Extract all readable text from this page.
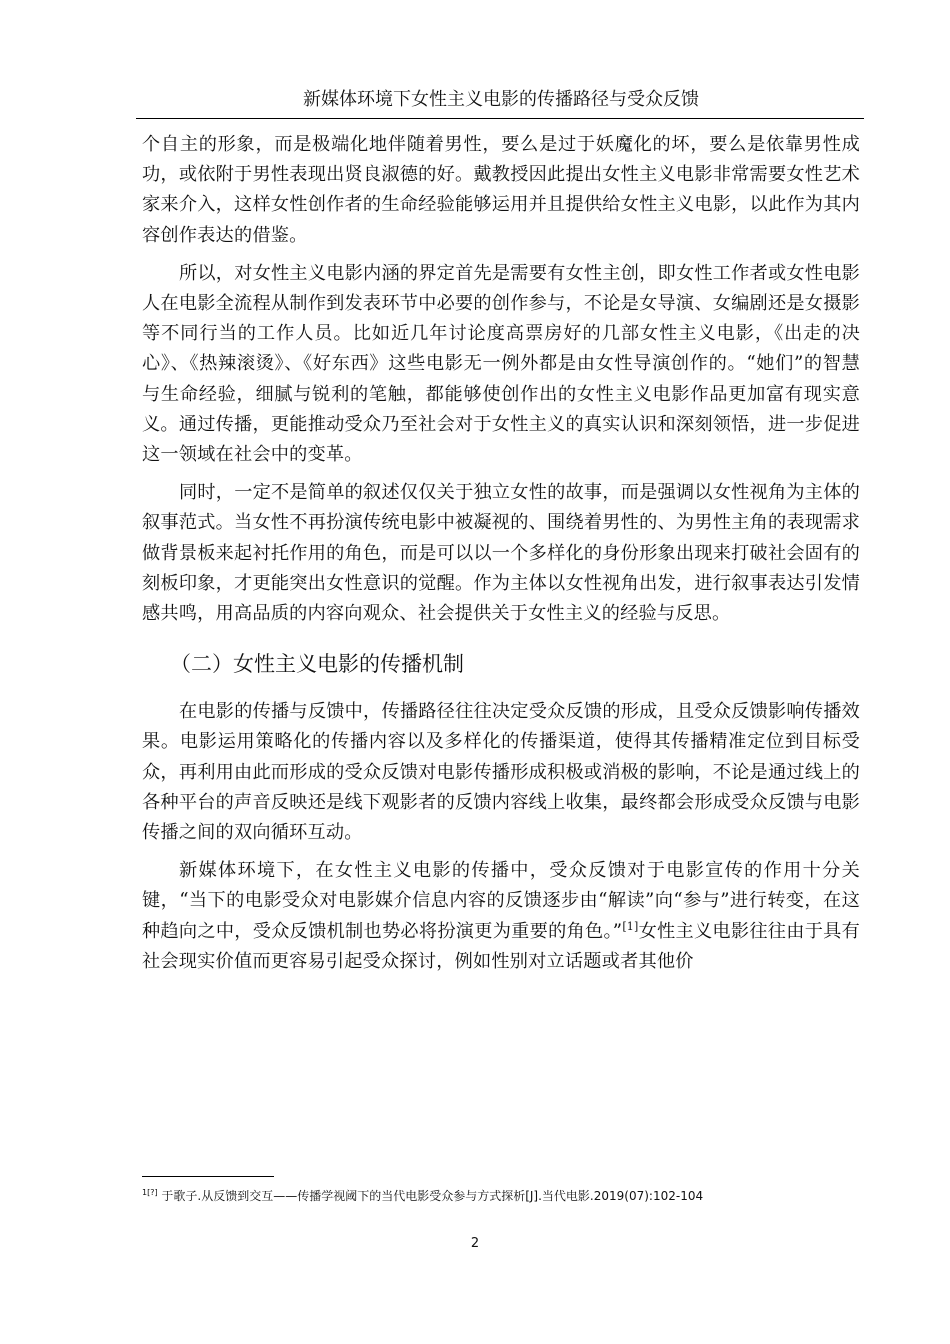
新媒体环境下女性主义电影的传播路径与受众反馈

个自主的形象，而是极端化地伴随着男性，要么是过于妖魔化的坏，要么是依靠男性成功，或依附于男性表现出贤良淑德的好。戴教授因此提出女性主义电影非常需要女性艺术家来介入，这样女性创作者的生命经验能够运用并且提供给女性主义电影，以此作为其内容创作表达的借鉴。

所以，对女性主义电影内涵的界定首先是需要有女性主创，即女性工作者或女性电影人在电影全流程从制作到发表环节中必要的创作参与，不论是女导演、女编剧还是女摄影等不同行当的工作人员。比如近几年讨论度高票房好的几部女性主义电影，《出走的决心》、《热辣滚烫》、《好东西》这些电影无一例外都是由女性导演创作的。“她们”的智慧与生命经验，细腻与锐利的笔触，都能够使创作出的女性主义电影作品更加富有现实意义。通过传播，更能推动受众乃至社会对于女性主义的真实认识和深刻领悟，进一步促进这一领域在社会中的变革。

同时，一定不是简单的叙述仅仅关于独立女性的故事，而是强调以女性视角为主体的叙事范式。当女性不再扮演传统电影中被凝视的、围绕着男性的、为男性主角的表现需求做背景板来起衬托作用的角色，而是可以以一个多样化的身份形象出现来打破社会固有的刻板印象，才更能突出女性意识的觉醒。作为主体以女性视角出发，进行叙事表达引发情感共鸣，用高品质的内容向观众、社会提供关于女性主义的经验与反思。

（二）女性主义电影的传播机制

在电影的传播与反馈中，传播路径往往决定受众反馈的形成，且受众反馈影响传播效果。电影运用策略化的传播内容以及多样化的传播渠道，使得其传播精准定位到目标受众，再利用由此而形成的受众反馈对电影传播形成积极或消极的影响，不论是通过线上的各种平台的声音反映还是线下观影者的反馈内容线上收集，最终都会形成受众反馈与电影传播之间的双向循环互动。

新媒体环境下，在女性主义电影的传播中，受众反馈对于电影宣传的作用十分关键，“当下的电影受众对电影媒介信息内容的反馈逐步由“解读”向“参与”进行转变，在这种趋向之中，受众反馈机制也势必将扮演更为重要的角色。”[1]女性主义电影往往由于具有社会现实价值而更容易引起受众探讨，例如性别对立话题或者其他价

$^{1[?]}$ 于歌子.从反馈到交互——传播学视阈下的当代电影受众参与方式探析[J].当代电影.2019(07):102-104
2
